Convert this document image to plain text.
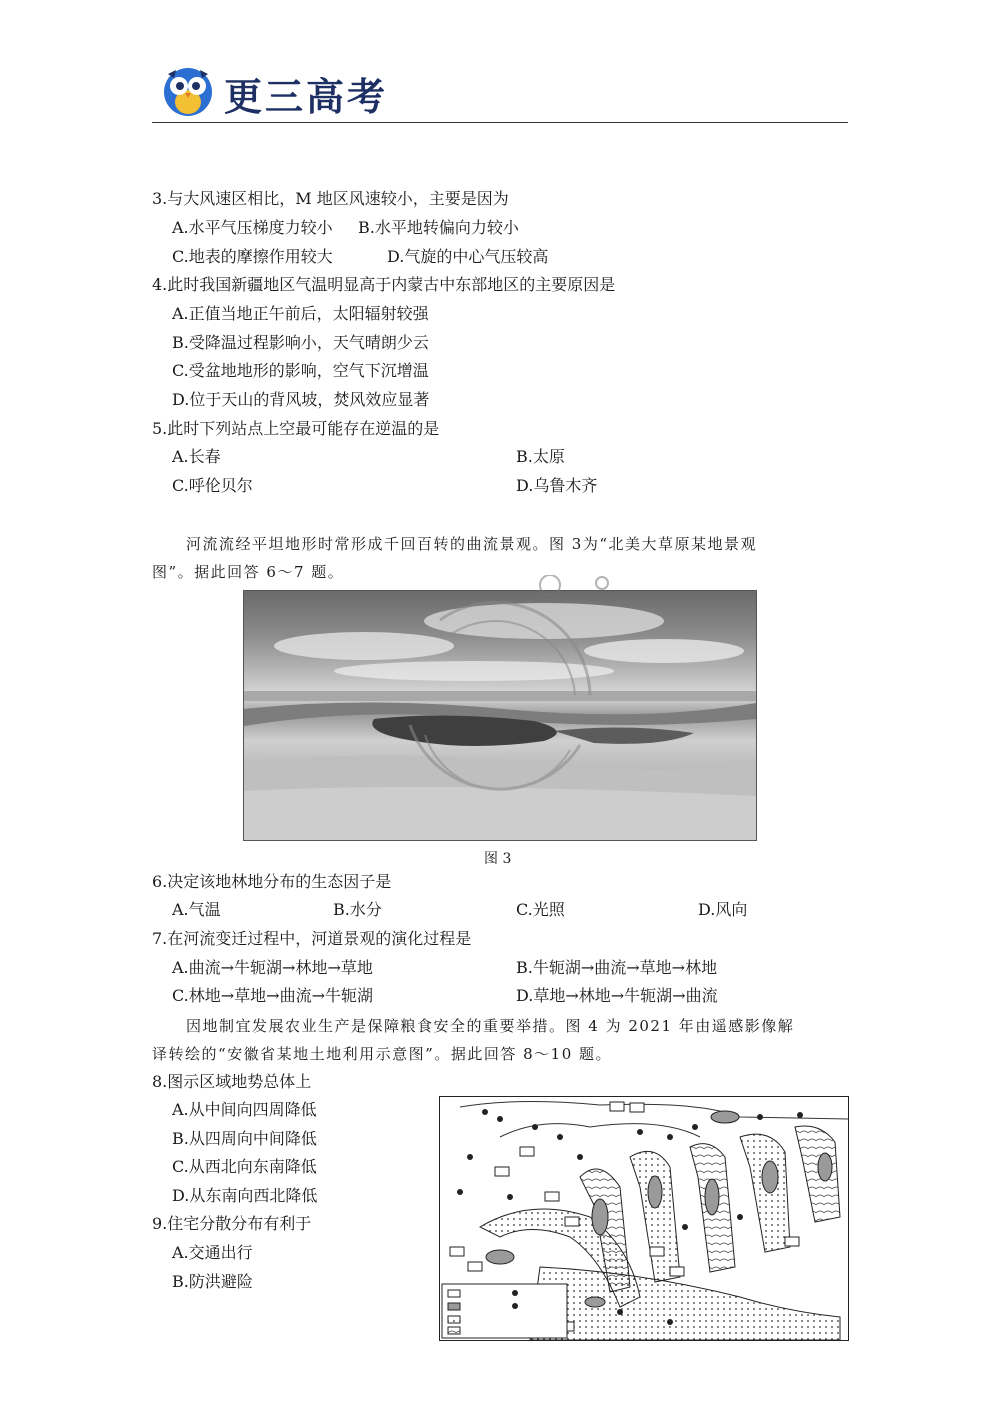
更三高考
3.与大风速区相比，M 地区风速较小，主要是因为
A.水平气压梯度力较小 B.水平地转偏向力较小
C.地表的摩擦作用较大	D.气旋的中心气压较高
4.此时我国新疆地区气温明显高于内蒙古中东部地区的主要原因是
A.正值当地正午前后，太阳辐射较强
B.受降温过程影响小，天气晴朗少云
C.受盆地地形的影响，空气下沉增温
D.位于天山的背风坡，焚风效应显著
5.此时下列站点上空最可能存在逆温的是
A.长春	B.太原
C.呼伦贝尔	D.乌鲁木齐
河流流经平坦地形时常形成千回百转的曲流景观。图 3为“北美大草原某地景观
图”。据此回答 6～7 题。
图 3
6.决定该地林地分布的生态因子是
A.气温	B.水分	C.光照	D.风向
7.在河流变迁过程中，河道景观的演化过程是
A.曲流→牛轭湖→林地→草地	B.牛轭湖→曲流→草地→林地
C.林地→草地→曲流→牛轭湖	D.草地→林地→牛轭湖→曲流
因地制宜发展农业生产是保障粮食安全的重要举措。图 4 为 2021 年由遥感影像解
译转绘的“安徽省某地土地利用示意图”。据此回答 8～10 题。
8.图示区域地势总体上
A.从中间向四周降低
B.从四周向中间降低
C.从西北向东南降低
D.从东南向西北降低
9.住宅分散分布有利于
A.交通出行
B.防洪避险
